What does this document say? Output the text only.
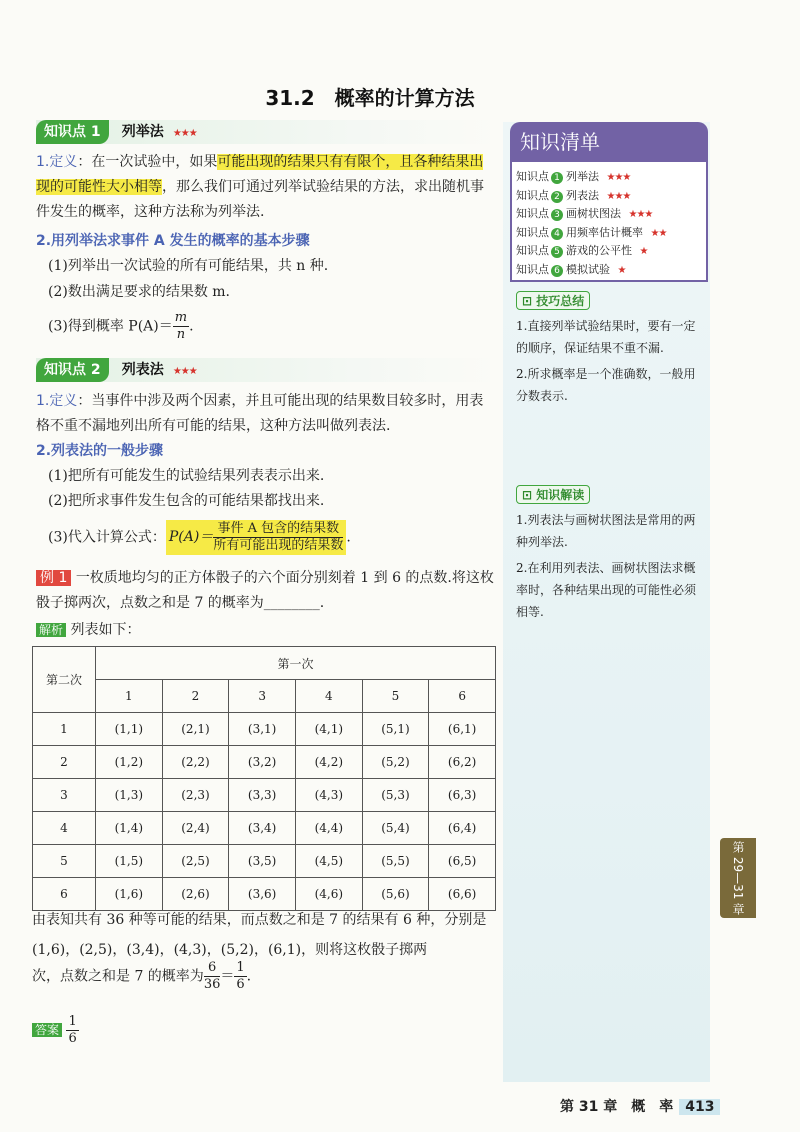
31.2　概率的计算方法
知识点 1 列举法 ★★★
1.定义：在一次试验中，如果可能出现的结果只有有限个，且各种结果出现的可能性大小相等，那么我们可通过列举试验结果的方法，求出随机事件发生的概率，这种方法称为列举法.
2.用列举法求事件 A 发生的概率的基本步骤
(1)列举出一次试验的所有可能结果，共 n 种.
(2)数出满足要求的结果数 m.
(3)得到概率 $P(A)= \frac{m}{n}$ .
知识点 2 列表法 ★★★
1.定义：当事件中涉及两个因素，并且可能出现的结果数目较多时，用表格不重不漏地列出所有可能的结果，这种方法叫做列表法.
2.列表法的一般步骤
(1)把所有可能发生的试验结果列表表示出来.
(2)把所求事件发生包含的可能结果都找出来.
(3)代入计算公式： $P(A)= \frac{\text{事件 A 包含的结果数}}{\text{所有可能出现的结果数}}$ .
例 1 一枚质地均匀的正方体骰子的六个面分别刻着 1 到 6 的点数.将这枚骰子掷两次，点数之和是 7 的概率为________.
解析 列表如下：
第二次	第一次					
	1	2	3	4	5	6
1	(1,1)	(2,1)	(3,1)	(4,1)	(5,1)	(6,1)
2	(1,2)	(2,2)	(3,2)	(4,2)	(5,2)	(6,2)
3	(1,3)	(2,3)	(3,3)	(4,3)	(5,3)	(6,3)
4	(1,4)	(2,4)	(3,4)	(4,4)	(5,4)	(6,4)
5	(1,5)	(2,5)	(3,5)	(4,5)	(5,5)	(6,5)
6	(1,6)	(2,6)	(3,6)	(4,6)	(5,6)	(6,6)
由表知共有 36 种等可能的结果，而点数之和是 7 的结果有 6 种，分别是(1,6)，(2,5)，(3,4)，(4,3)，(5,2)，(6,1)，则将这枚骰子掷两
次，点数之和是 7 的概率为 $\frac{6}{36} = \frac{1}{6}$ .
答案 $\frac{1}{6}$
知识清单
知识点 1 列举法 ★★★
知识点 2 列表法 ★★★
知识点 3 画树状图法 ★★★
知识点 4 用频率估计概率 ★★
知识点 5 游戏的公平性 ★
知识点 6 模拟试验 ★
⊡ 技巧总结
1.直接列举试验结果时，要有一定的顺序，保证结果不重不漏.
2.所求概率是一个准确数，一般用分数表示.
⊡ 知识解读
1.列表法与画树状图法是常用的两种列举法.
2.在利用列表法、画树状图法求概率时，各种结果出现的可能性必须相等.
第 29—31 章
第 31 章　概　率 413
